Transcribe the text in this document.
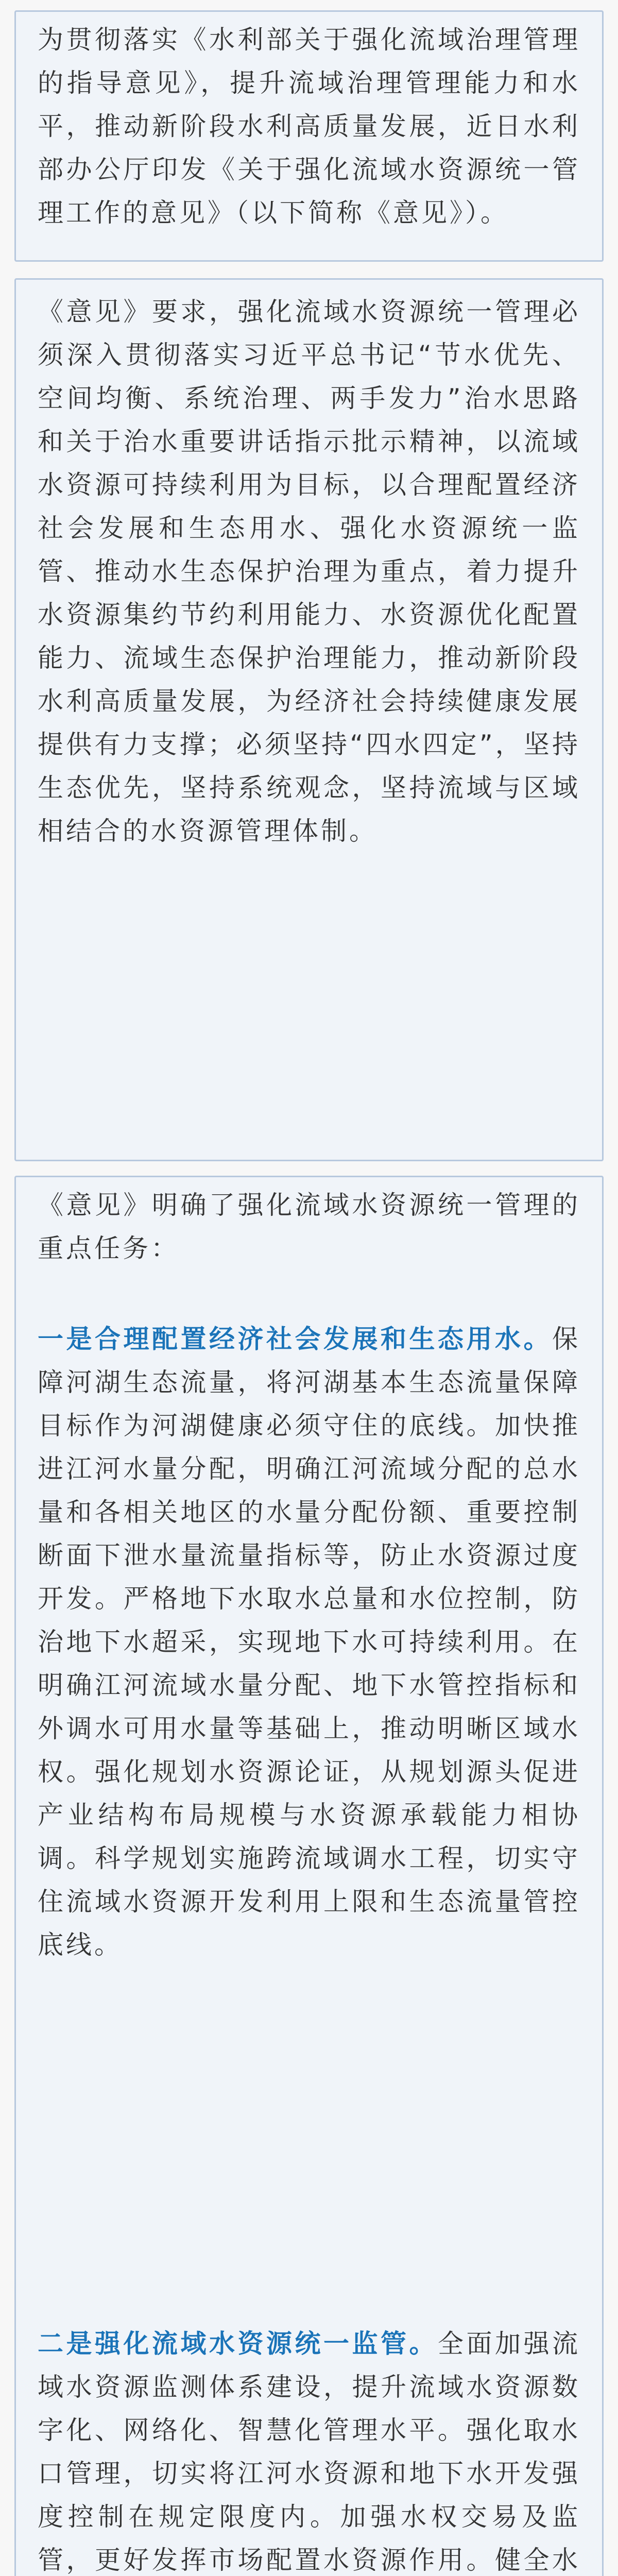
为贯彻落实《水利部关于强化流域治理管理的指导意见》，提升流域治理管理能力和水平，推动新阶段水利高质量发展，近日水利部办公厅印发《关于强化流域水资源统一管理工作的意见》（以下简称《意见》）。

《意见》要求，强化流域水资源统一管理必须深入贯彻落实习近平总书记“节水优先、空间均衡、系统治理、两手发力”治水思路和关于治水重要讲话指示批示精神，以流域水资源可持续利用为目标，以合理配置经济社会发展和生态用水、强化水资源统一监管、推动水生态保护治理为重点，着力提升水资源集约节约利用能力、水资源优化配置能力、流域生态保护治理能力，推动新阶段水利高质量发展，为经济社会持续健康发展提供有力支撑；必须坚持“四水四定”，坚持生态优先，坚持系统观念，坚持流域与区域相结合的水资源管理体制。

《意见》明确了强化流域水资源统一管理的重点任务：

一是合理配置经济社会发展和生态用水。保障河湖生态流量，将河湖基本生态流量保障目标作为河湖健康必须守住的底线。加快推进江河水量分配，明确江河流域分配的总水量和各相关地区的水量分配份额、重要控制断面下泄水量流量指标等，防止水资源过度开发。严格地下水取水总量和水位控制，防治地下水超采，实现地下水可持续利用。在明确江河流域水量分配、地下水管控指标和外调水可用水量等基础上，推动明晰区域水权。强化规划水资源论证，从规划源头促进产业结构布局规模与水资源承载能力相协调。科学规划实施跨流域调水工程，切实守住流域水资源开发利用上限和生态流量管控底线。

二是强化流域水资源统一监管。全面加强流域水资源监测体系建设，提升流域水资源数字化、网络化、智慧化管理水平。强化取水口管理，切实将江河水资源和地下水开发强度控制在规定限度内。加强水权交易及监管，更好发挥市场配置水资源作用。健全水
